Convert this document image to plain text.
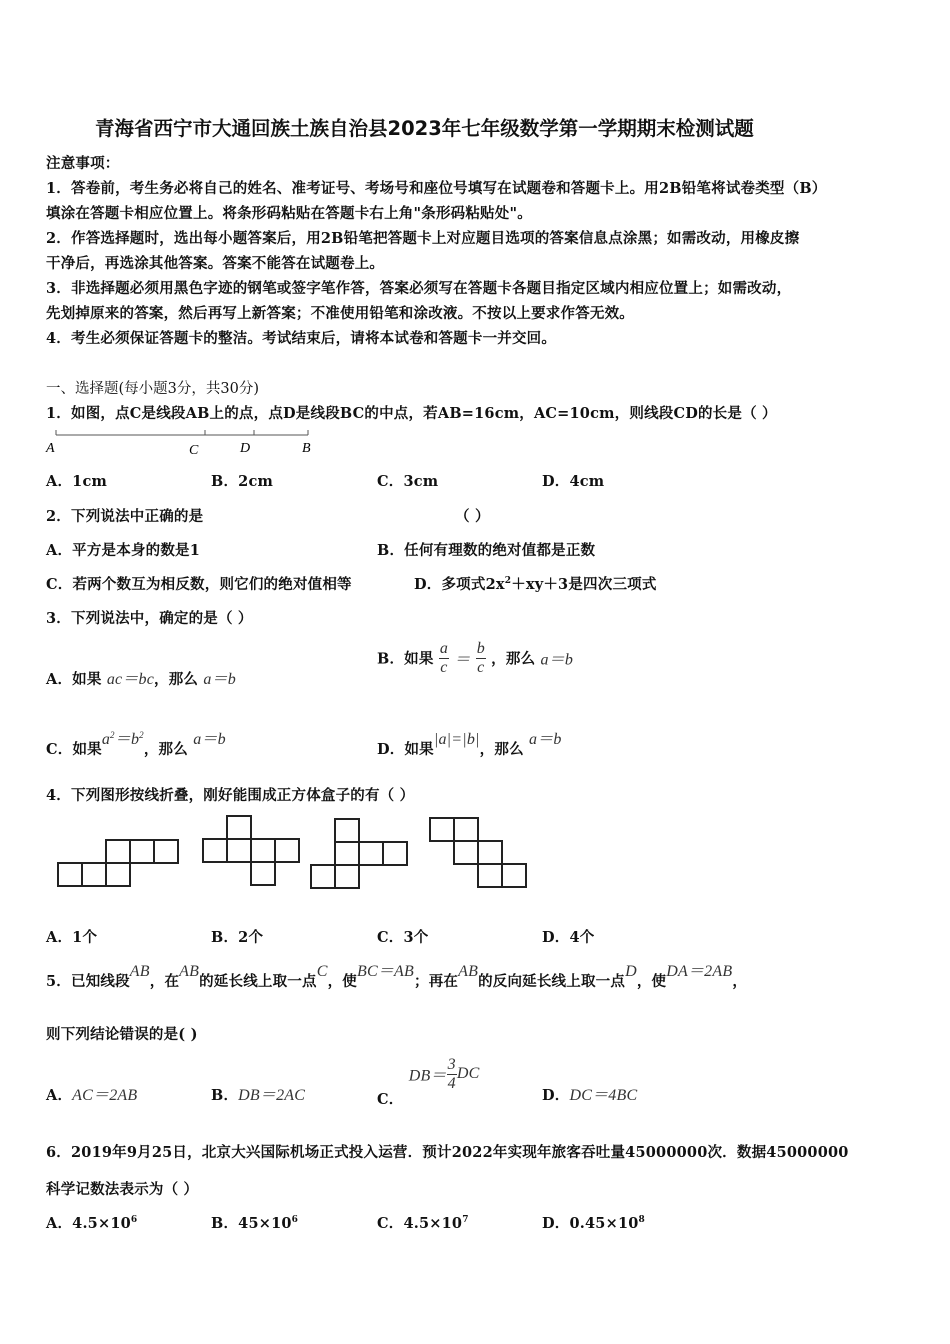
青海省西宁市大通回族土族自治县2023年七年级数学第一学期期末检测试题
注意事项：
1．答卷前，考生务必将自己的姓名、准考证号、考场号和座位号填写在试题卷和答题卡上。用2B铅笔将试卷类型（B）
填涂在答题卡相应位置上。将条形码粘贴在答题卡右上角"条形码粘贴处"。
2．作答选择题时，选出每小题答案后，用2B铅笔把答题卡上对应题目选项的答案信息点涂黑；如需改动，用橡皮擦
干净后，再选涂其他答案。答案不能答在试题卷上。
3．非选择题必须用黑色字迹的钢笔或签字笔作答，答案必须写在答题卡各题目指定区域内相应位置上；如需改动，
先划掉原来的答案，然后再写上新答案；不准使用铅笔和涂改液。不按以上要求作答无效。
4．考生必须保证答题卡的整洁。考试结束后，请将本试卷和答题卡一并交回。
一、选择题(每小题3分，共30分)
1．如图，点C是线段AB上的点，点D是线段BC的中点，若AB=16cm，AC=10cm，则线段CD的长是（ ）
A	C	D	B
A．1cm	B．2cm	C．3cm	D．4cm
2．下列说法中正确的是	（ ）
A．平方是本身的数是1	B．任何有理数的绝对值都是正数
C．若两个数互为相反数，则它们的绝对值相等	D．多项式$2x^2+xy+3$是四次三项式
3．下列说法中，确定的是（ ）
A．如果 ac＝bc，那么 a＝b
B．如果 $\frac{a}{c} = \frac{b}{c}$ ，那么 a＝b
C．如果$a^2=b^2$，那么 a＝b
D．如果|a|=|b|，那么 a＝b
4．下列图形按线折叠，刚好能围成正方体盒子的有（ ）
A．1个	B．2个	C．3个	D．4个
5．已知线段AB，在AB的延长线上取一点C，使BC＝AB；再在AB的反向延长线上取一点D，使DA＝2AB，
则下列结论错误的是( )
A．AC＝2AB	B．DB＝2AC	C． $DB= \frac{3}{4}$ DC
D．DC＝4BC
6．2019年9月25日，北京大兴国际机场正式投入运营．预计2022年实现年旅客吞吐量45000000次．数据45000000
科学记数法表示为（ ）
A．$4.5\times 10^6$	B．$45\times 10^6$	C．$4.5\times 10^7$	D．$0.45\times 10^8$
